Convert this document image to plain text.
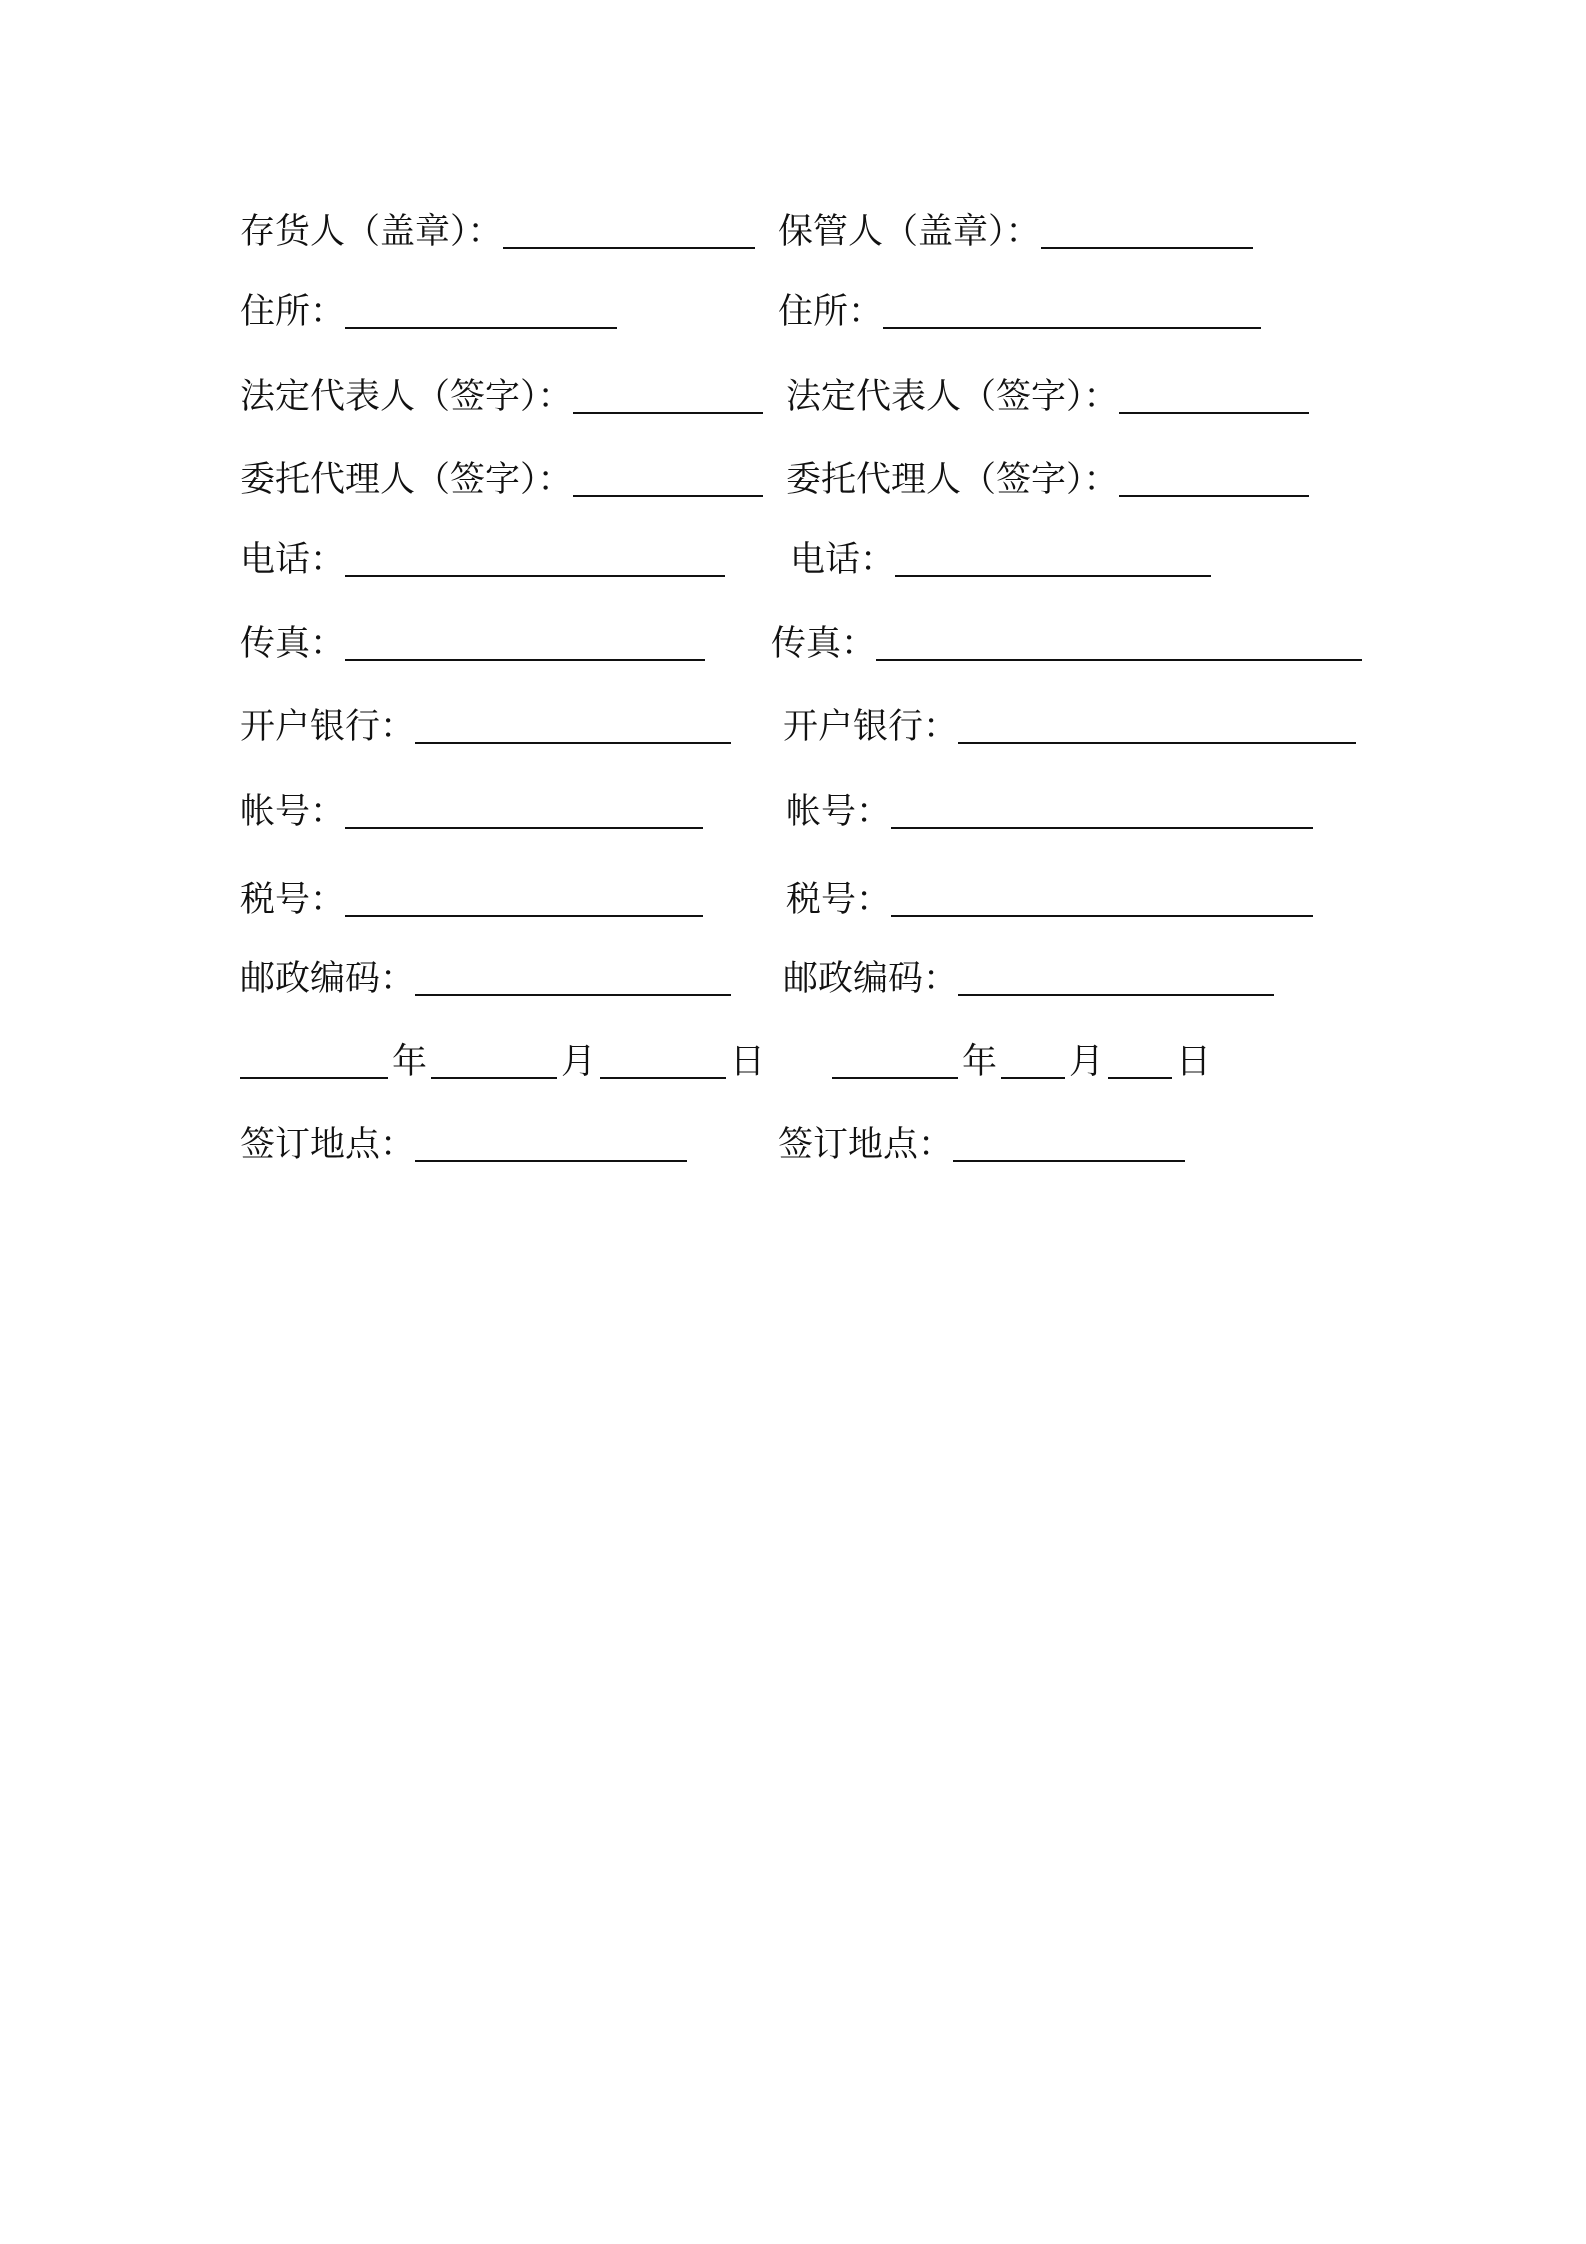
存货人（盖章）：	保管人（盖章）：
住所：	住所：
法定代表人（签字）：	法定代表人（签字）：
委托代理人（签字）：	委托代理人（签字）：
电话：	电话：
传真：	传真：
开户银行：	开户银行：
帐号：	帐号：
税号：	税号：
邮政编码：	邮政编码：
年	月	日	年 月 日
签订地点：	签订地点：
